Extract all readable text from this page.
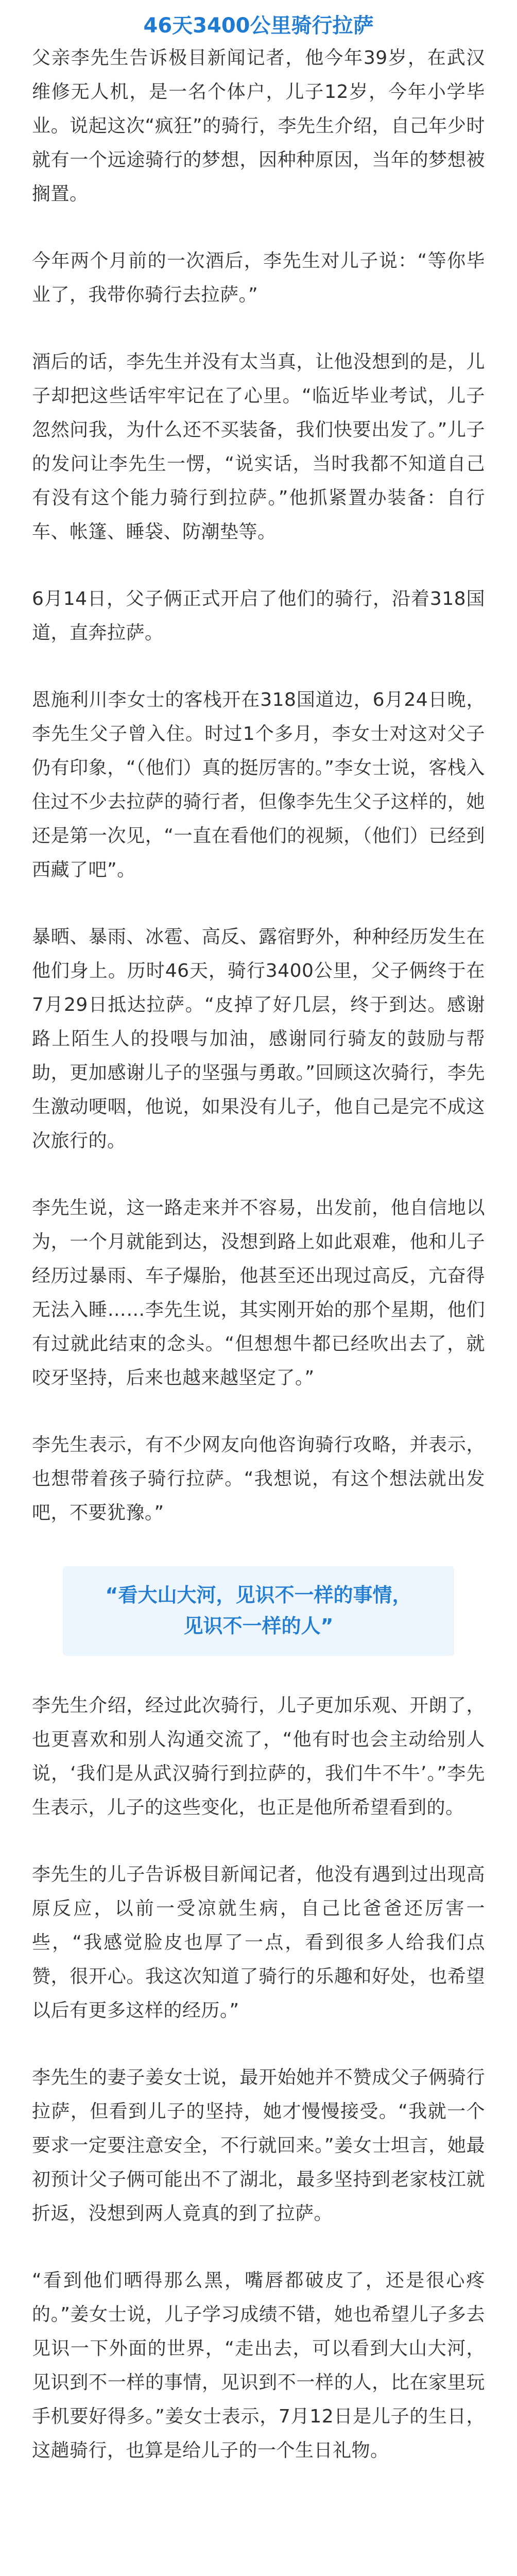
46天3400公里骑行拉萨

父亲李先生告诉极目新闻记者，他今年39岁，在武汉维修无人机，是一名个体户，儿子12岁，今年小学毕业。说起这次“疯狂”的骑行，李先生介绍，自己年少时就有一个远途骑行的梦想，因种种原因，当年的梦想被搁置。

今年两个月前的一次酒后，李先生对儿子说：“等你毕业了，我带你骑行去拉萨。”

酒后的话，李先生并没有太当真，让他没想到的是，儿子却把这些话牢牢记在了心里。“临近毕业考试，儿子忽然问我，为什么还不买装备，我们快要出发了。”儿子的发问让李先生一愣，“说实话，当时我都不知道自己有没有这个能力骑行到拉萨。”他抓紧置办装备：自行车、帐篷、睡袋、防潮垫等。

6月14日，父子俩正式开启了他们的骑行，沿着318国道，直奔拉萨。

恩施利川李女士的客栈开在318国道边，6月24日晚，李先生父子曾入住。时过1个多月，李女士对这对父子仍有印象，“（他们）真的挺厉害的。”李女士说，客栈入住过不少去拉萨的骑行者，但像李先生父子这样的，她还是第一次见，“一直在看他们的视频，（他们）已经到西藏了吧”。

暴晒、暴雨、冰雹、高反、露宿野外，种种经历发生在他们身上。历时46天，骑行3400公里，父子俩终于在7月29日抵达拉萨。“皮掉了好几层，终于到达。感谢路上陌生人的投喂与加油，感谢同行骑友的鼓励与帮助，更加感谢儿子的坚强与勇敢。”回顾这次骑行，李先生激动哽咽，他说，如果没有儿子，他自己是完不成这次旅行的。

李先生说，这一路走来并不容易，出发前，他自信地以为，一个月就能到达，没想到路上如此艰难，他和儿子经历过暴雨、车子爆胎，他甚至还出现过高反，亢奋得无法入睡……李先生说，其实刚开始的那个星期，他们有过就此结束的念头。“但想想牛都已经吹出去了，就咬牙坚持，后来也越来越坚定了。”

李先生表示，有不少网友向他咨询骑行攻略，并表示，也想带着孩子骑行拉萨。“我想说，有这个想法就出发吧，不要犹豫。”

“看大山大河，见识不一样的事情，
见识不一样的人”

李先生介绍，经过此次骑行，儿子更加乐观、开朗了，也更喜欢和别人沟通交流了，“他有时也会主动给别人说，‘我们是从武汉骑行到拉萨的，我们牛不牛’。”李先生表示，儿子的这些变化，也正是他所希望看到的。

李先生的儿子告诉极目新闻记者，他没有遇到过出现高原反应，以前一受凉就生病，自己比爸爸还厉害一些，“我感觉脸皮也厚了一点，看到很多人给我们点赞，很开心。我这次知道了骑行的乐趣和好处，也希望以后有更多这样的经历。”

李先生的妻子姜女士说，最开始她并不赞成父子俩骑行拉萨，但看到儿子的坚持，她才慢慢接受。“我就一个要求一定要注意安全，不行就回来。”姜女士坦言，她最初预计父子俩可能出不了湖北，最多坚持到老家枝江就折返，没想到两人竟真的到了拉萨。

“看到他们晒得那么黑，嘴唇都破皮了，还是很心疼的。”姜女士说，儿子学习成绩不错，她也希望儿子多去见识一下外面的世界，“走出去，可以看到大山大河，见识到不一样的事情，见识到不一样的人，比在家里玩手机要好得多。”姜女士表示，7月12日是儿子的生日，这趟骑行，也算是给儿子的一个生日礼物。
